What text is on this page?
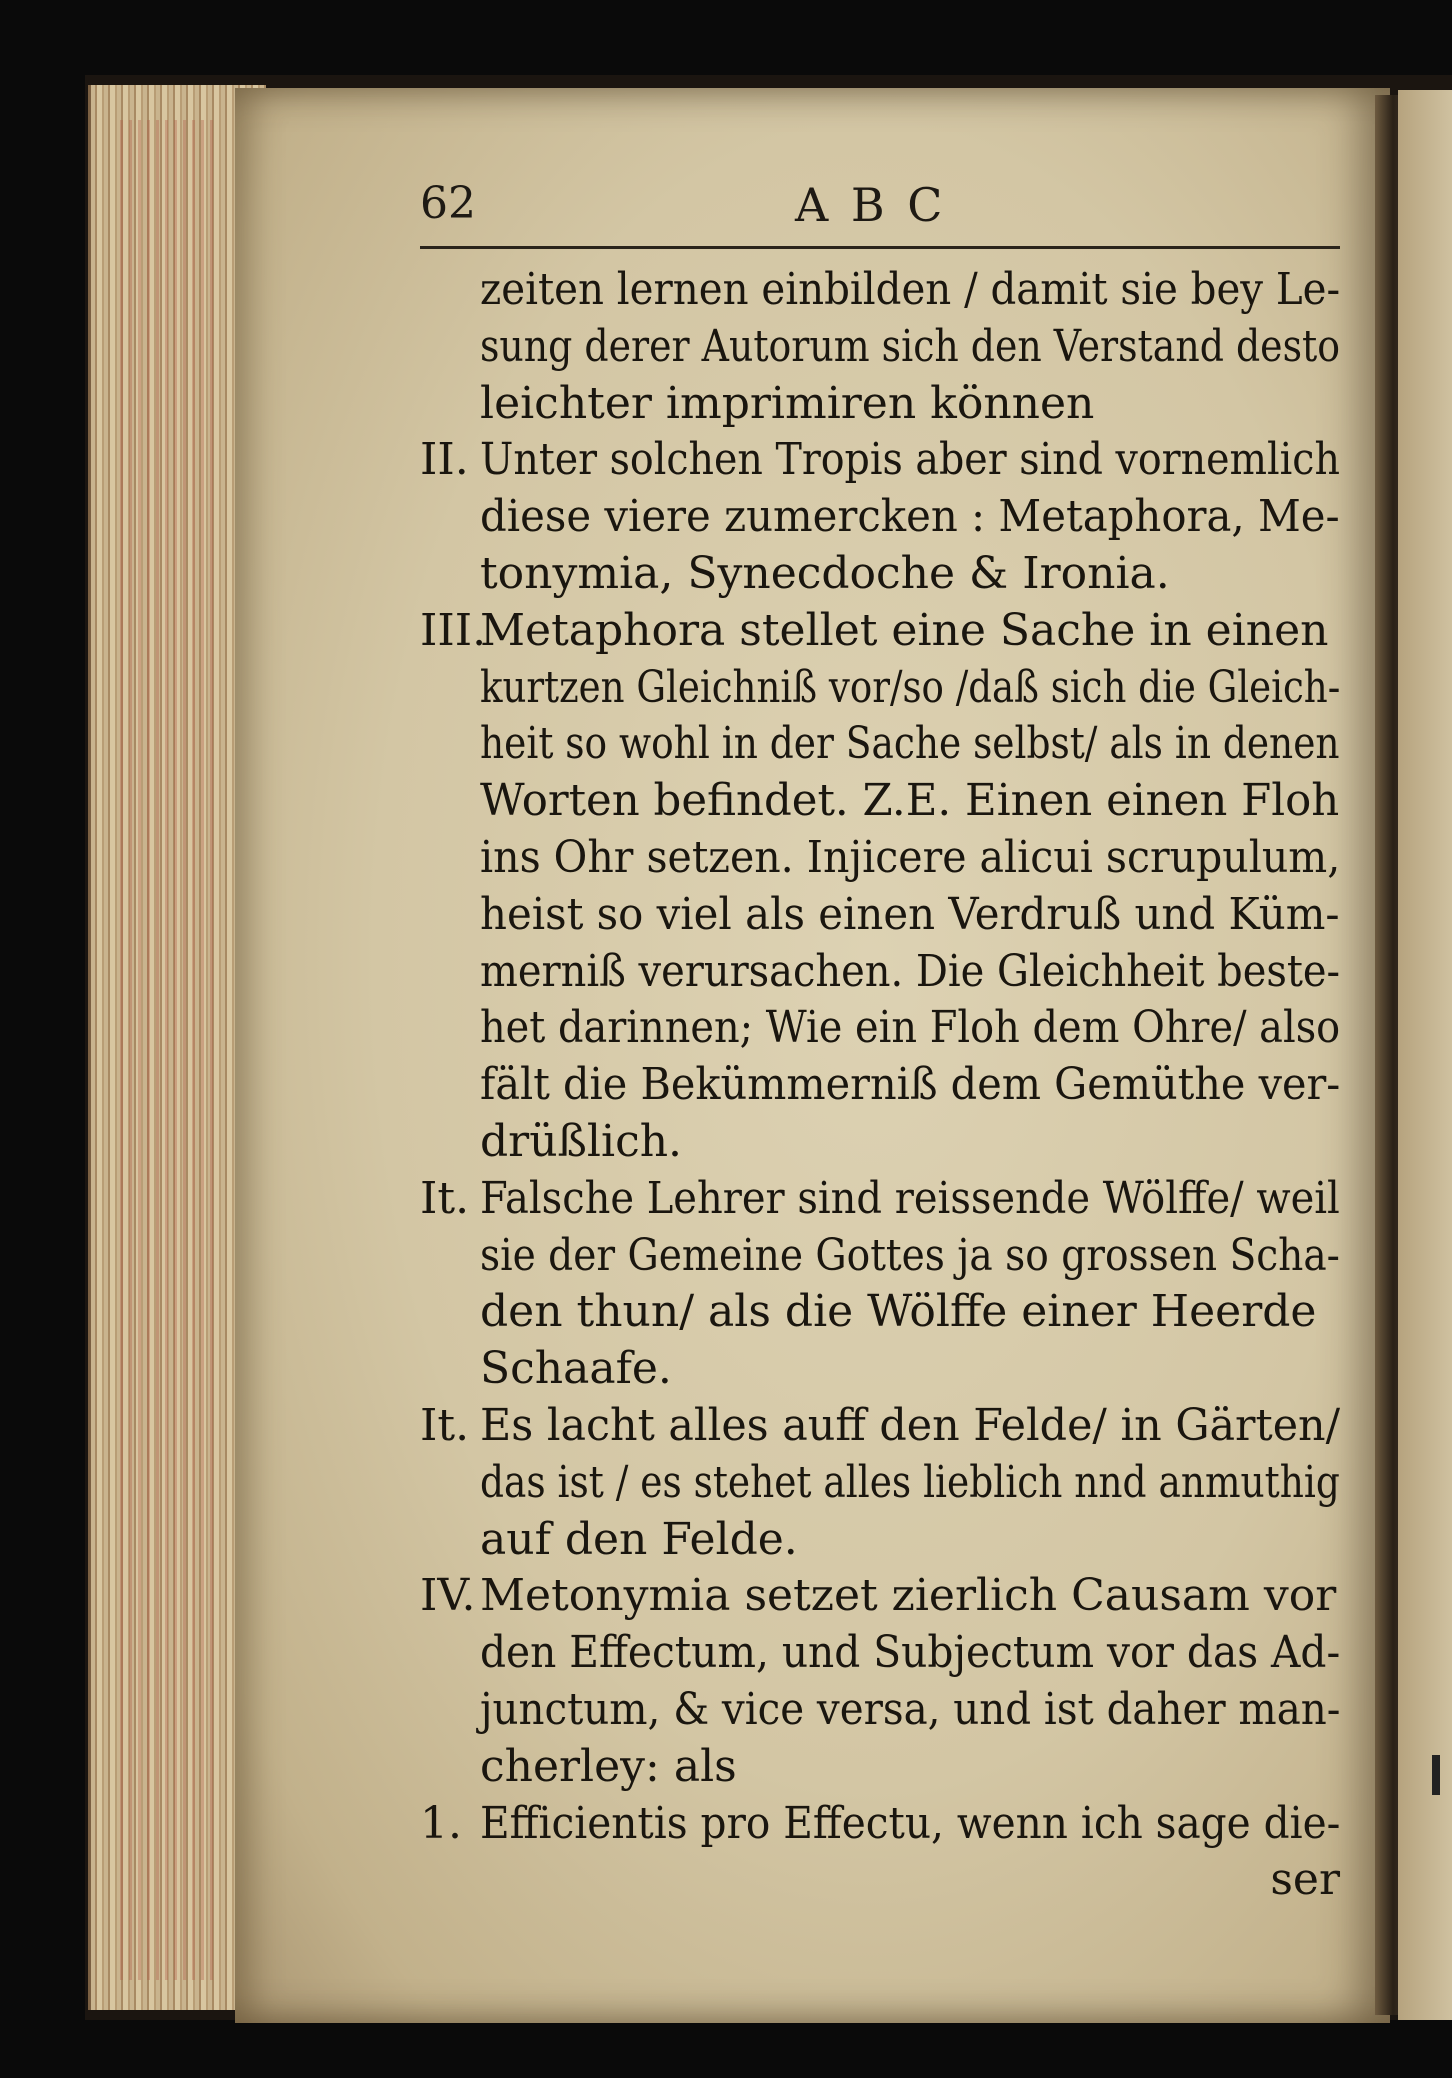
62	A B C
zeiten lernen einbilden / damit sie bey Le-
sung derer Autorum sich den Verstand desto
leichter imprimiren können
II. Unter solchen Tropis aber sind vornemlich
diese viere zumercken : Metaphora, Me-
tonymia, Synecdoche & Ironia.
III.
Metaphora stellet eine Sache in einen
kurtzen Gleichniß vor/so /daß sich die Gleich-
heit so wohl in der Sache selbst/ als in denen
Worten befindet. Z.E. Einen einen Floh
ins Ohr setzen. Injicere alicui scrupulum,
heist so viel als einen Verdruß und Küm-
merniß verursachen. Die Gleichheit beste-
het darinnen; Wie ein Floh dem Ohre/ also
fält die Bekümmerniß dem Gemüthe ver-
drüßlich.
It. Falsche Lehrer sind reissende Wölffe/ weil
sie der Gemeine Gottes ja so grossen Scha-
den thun/ als die Wölffe einer Heerde
Schaafe.
It. Es lacht alles auff den Felde/ in Gärten/
das ist / es stehet alles lieblich nnd anmuthig
auf den Felde.
IV. Metonymia setzet zierlich Causam vor
den Effectum, und Subjectum vor das Ad-
junctum, & vice versa, und ist daher man-
cherley: als
1. Efficientis pro Effectu, wenn ich sage die-
ser
